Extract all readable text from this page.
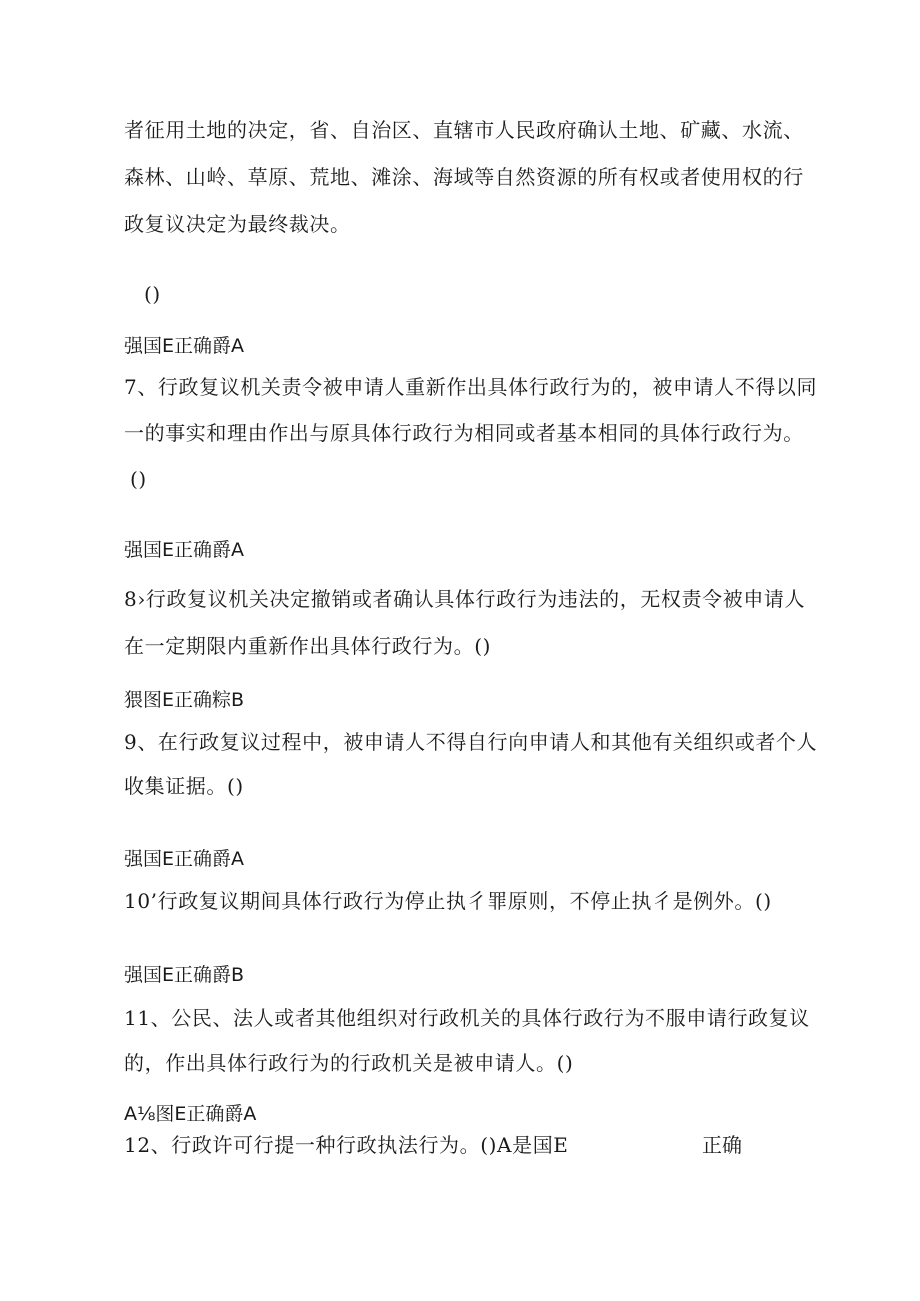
者征用土地的决定，省、自治区、直辖市人民政府确认土地、矿藏、水流、
森林、山岭、草原、荒地、滩涂、海域等自然资源的所有权或者使用权的行
政复议决定为最终裁决。
()
强国E正确爵A
7、行政复议机关责令被申请人重新作出具体行政行为的，被申请人不得以同
一的事实和理由作出与原具体行政行为相同或者基本相同的具体行政行为。
()
强国E正确爵A
8›行政复议机关决定撤销或者确认具体行政行为违法的，无权责令被申请人
在一定期限内重新作出具体行政行为。()
猥图E正确粽B
9、在行政复议过程中，被申请人不得自行向申请人和其他有关组织或者个人
收集证据。()
强国E正确爵A
10’行政复议期间具体行政行为停止执彳罪原则，不停止执彳是例外。()
强国E正确爵B
11、公民、法人或者其他组织对行政机关的具体行政行为不服申请行政复议
的，作出具体行政行为的行政机关是被申请人。()
A⅛图E正确爵A
12、行政许可行提一种行政执法行为。()A是国E	正确
